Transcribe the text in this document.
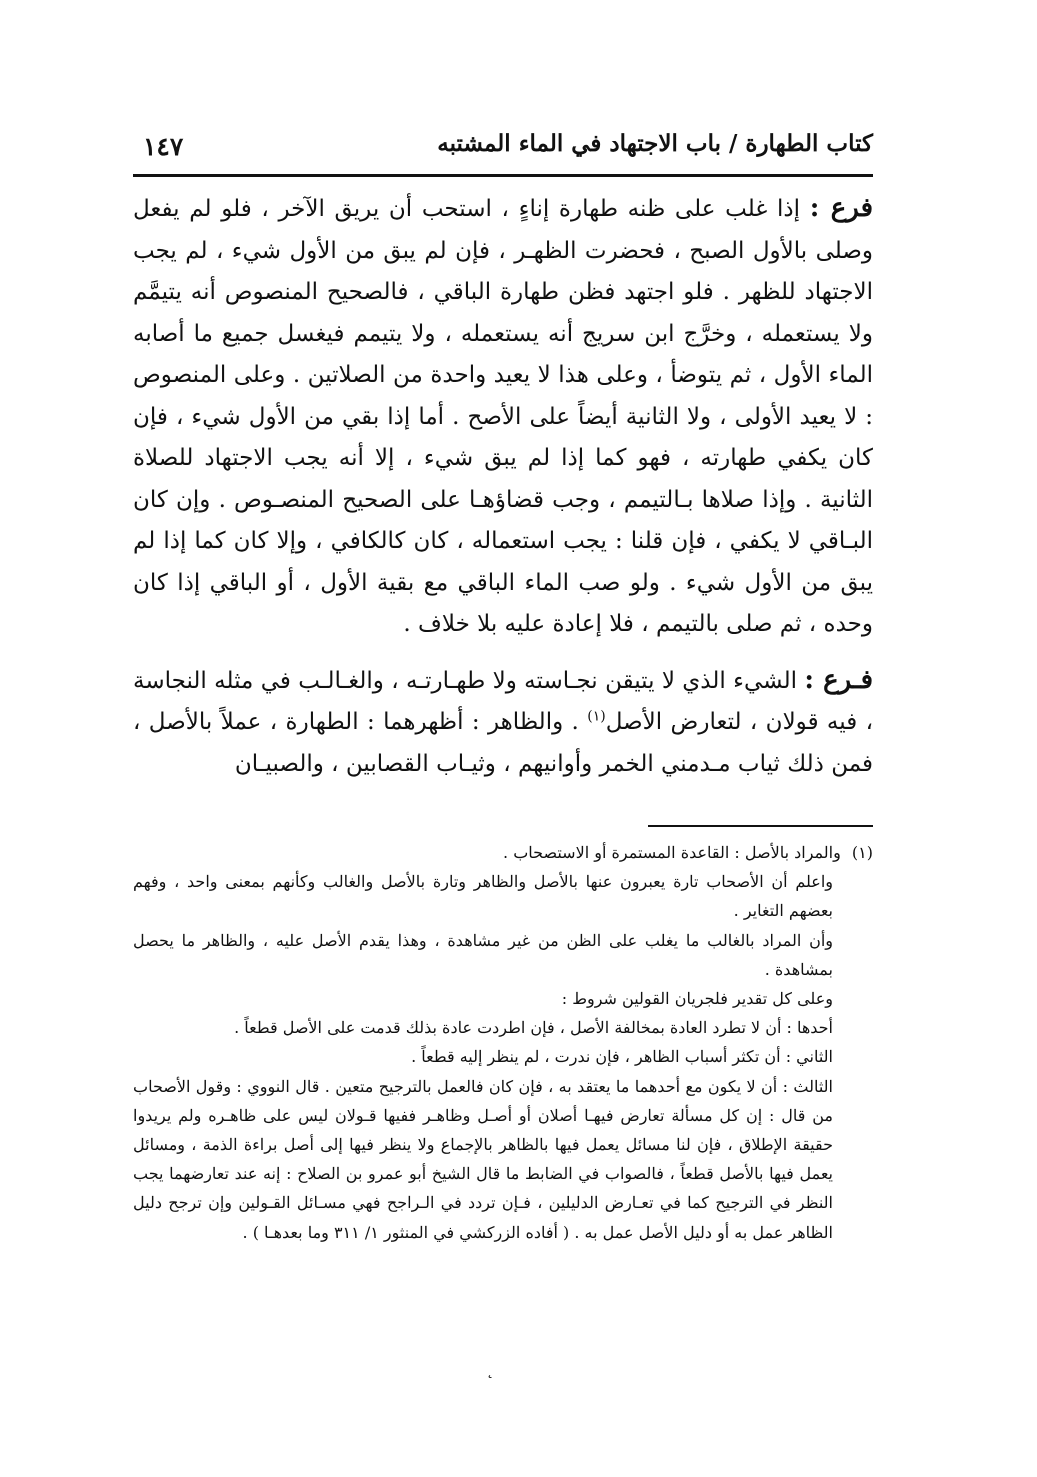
كتاب الطهارة / باب الاجتهاد في الماء المشتبه
١٤٧

فرع : إذا غلب على ظنه طهارة إناءٍ ، استحب أن يريق الآخر ، فلو لم يفعل وصلى بالأول الصبح ، فحضرت الظهـر ، فإن لم يبق من الأول شيء ، لم يجب الاجتهاد للظهر . فلو اجتهد فظن طهارة الباقي ، فالصحيح المنصوص أنه يتيمَّم ولا يستعمله ، وخرَّج ابن سريج أنه يستعمله ، ولا يتيمم فيغسل جميع ما أصابه الماء الأول ، ثم يتوضأ ، وعلى هذا لا يعيد واحدة من الصلاتين . وعلى المنصوص : لا يعيد الأولى ، ولا الثانية أيضاً على الأصح . أما إذا بقي من الأول شيء ، فإن كان يكفي طهارته ، فهو كما إذا لم يبق شيء ، إلا أنه يجب الاجتهاد للصلاة الثانية . وإذا صلاها بـالتيمم ، وجب قضاؤهـا على الصحيح المنصـوص . وإن كان البـاقي لا يكفي ، فإن قلنا : يجب استعماله ، كان كالكافي ، وإلا كان كما إذا لم يبق من الأول شيء . ولو صب الماء الباقي مع بقية الأول ، أو الباقي إذا كان وحده ، ثم صلى بالتيمم ، فلا إعادة عليه بلا خلاف .

فـرع : الشيء الذي لا يتيقن نجـاسته ولا طهـارتـه ، والغـالـب في مثله النجاسة ، فيه قولان ، لتعارض الأصل$^{(١)}$ . والظاهر : أظهرهما : الطهارة ، عملاً بالأصل ، فمن ذلك ثياب مـدمني الخمر وأوانيهم ، وثيـاب القصابين ، والصبيـان

(١) والمراد بالأصل : القاعدة المستمرة أو الاستصحاب .

واعلم أن الأصحاب تارة يعبرون عنها بالأصل والظاهر وتارة بالأصل والغالب وكأنهم بمعنى واحد ، وفهم بعضهم التغاير .

وأن المراد بالغالب ما يغلب على الظن من غير مشاهدة ، وهذا يقدم الأصل عليه ، والظاهر ما يحصل بمشاهدة .

وعلى كل تقدير فلجريان القولين شروط :

أحدها : أن لا تطرد العادة بمخالفة الأصل ، فإن اطردت عادة بذلك قدمت على الأصل قطعاً .

الثاني : أن تكثر أسباب الظاهر ، فإن ندرت ، لم ينظر إليه قطعاً .

الثالث : أن لا يكون مع أحدهما ما يعتقد به ، فإن كان فالعمل بالترجيح متعين . قال النووي : وقول الأصحاب من قال : إن كل مسألة تعارض فيهـا أصلان أو أصـل وظاهـر ففيها قـولان ليس على ظاهـره ولم يريدوا حقيقة الإطلاق ، فإن لنا مسائل يعمل فيها بالظاهر بالإجماع ولا ينظر فيها إلى أصل براءة الذمة ، ومسائل يعمل فيها بالأصل قطعاً ، فالصواب في الضابط ما قال الشيخ أبو عمرو بن الصلاح : إنه عند تعارضهما يجب النظر في الترجيح كما في تعـارض الدليلين ، فـإن تردد في الـراجح فهي مسـائل القـولين وإن ترجح دليل الظاهر عمل به أو دليل الأصل عمل به . ( أفاده الزركشي في المنثور ١/ ٣١١ وما بعدهـا ) .

˛
